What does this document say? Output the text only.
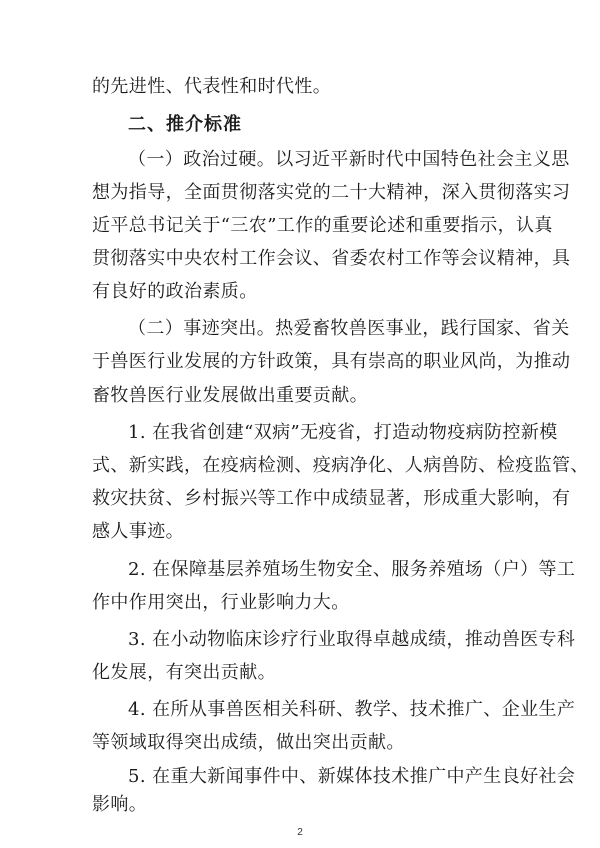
的先进性、代表性和时代性。
二、推介标准
（一）政治过硬。以习近平新时代中国特色社会主义思
想为指导，全面贯彻落实党的二十大精神，深入贯彻落实习
近平总书记关于“三农”工作的重要论述和重要指示，认真
贯彻落实中央农村工作会议、省委农村工作等会议精神，具
有良好的政治素质。
（二）事迹突出。热爱畜牧兽医事业，践行国家、省关
于兽医行业发展的方针政策，具有崇高的职业风尚，为推动
畜牧兽医行业发展做出重要贡献。
1. 在我省创建“双病”无疫省，打造动物疫病防控新模
式、新实践，在疫病检测、疫病净化、人病兽防、检疫监管、
救灾扶贫、乡村振兴等工作中成绩显著，形成重大影响，有
感人事迹。
2. 在保障基层养殖场生物安全、服务养殖场（户）等工
作中作用突出，行业影响力大。
3. 在小动物临床诊疗行业取得卓越成绩，推动兽医专科
化发展，有突出贡献。
4. 在所从事兽医相关科研、教学、技术推广、企业生产
等领域取得突出成绩，做出突出贡献。
5. 在重大新闻事件中、新媒体技术推广中产生良好社会
影响。
2
